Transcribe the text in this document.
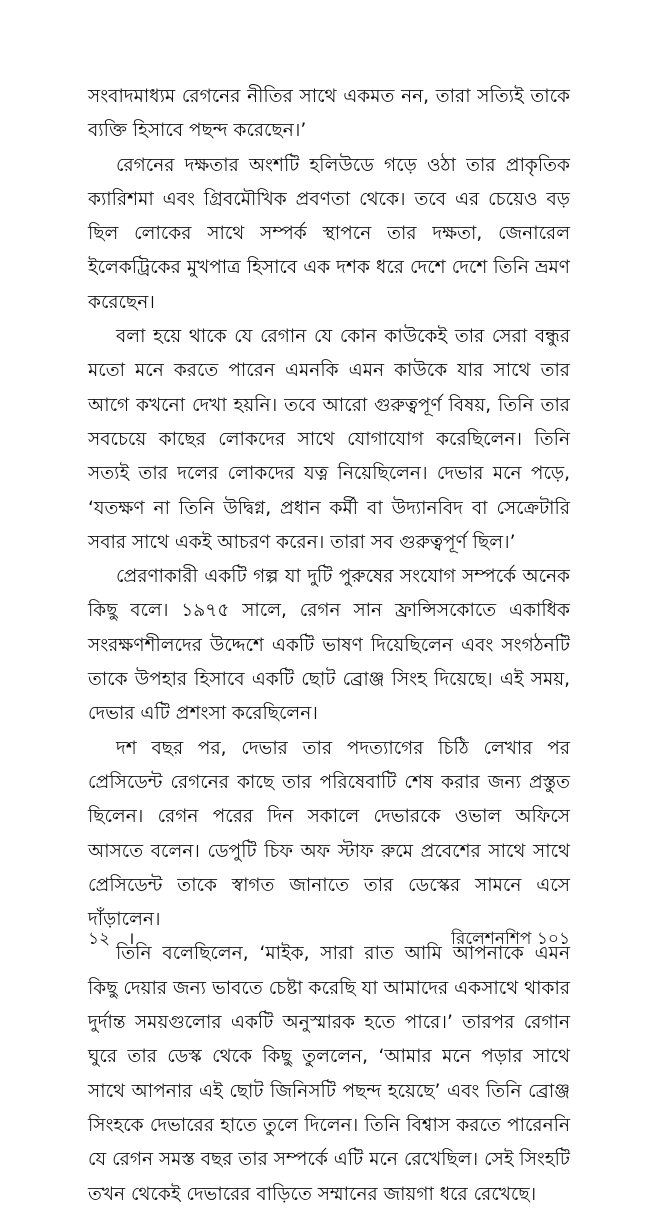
সংবাদমাধ্যম রেগনের নীতির সাথে একমত নন, তারা সত্যিই তাকে ব্যক্তি হিসাবে পছন্দ করেছেন।’

রেগনের দক্ষতার অংশটি হলিউডে গড়ে ওঠা তার প্রাকৃতিক ক্যারিশমা এবং গ্রিবমৌখিক প্রবণতা থেকে। তবে এর চেয়েও বড় ছিল লোকের সাথে সম্পর্ক স্থাপনে তার দক্ষতা, জেনারেল ইলেকট্রিকের মুখপাত্র হিসাবে এক দশক ধরে দেশে দেশে তিনি ভ্রমণ করেছেন।

বলা হয়ে থাকে যে রেগান যে কোন কাউকেই তার সেরা বন্ধুর মতো মনে করতে পারেন এমনকি এমন কাউকে যার সাথে তার আগে কখনো দেখা হয়নি। তবে আরো গুরুত্বপূর্ণ বিষয়, তিনি তার সবচেয়ে কাছের লোকদের সাথে যোগাযোগ করেছিলেন। তিনি সত্যই তার দলের লোকদের যত্ন নিয়েছিলেন। দেভার মনে পড়ে, ‘যতক্ষণ না তিনি উদ্বিগ্ন, প্রধান কর্মী বা উদ্যানবিদ বা সেক্রেটারি সবার সাথে একই আচরণ করেন। তারা সব গুরুত্বপূর্ণ ছিল।’

প্রেরণাকারী একটি গল্প যা দুটি পুরুষের সংযোগ সম্পর্কে অনেক কিছু বলে। ১৯৭৫ সালে, রেগন সান ফ্রান্সিসকোতে একাধিক সংরক্ষণশীলদের উদ্দেশে একটি ভাষণ দিয়েছিলেন এবং সংগঠনটি তাকে উপহার হিসাবে একটি ছোট ব্রোঞ্জ সিংহ দিয়েছে। এই সময়, দেভার এটি প্রশংসা করেছিলেন।

দশ বছর পর, দেভার তার পদত্যাগের চিঠি লেখার পর প্রেসিডেন্ট রেগনের কাছে তার পরিষেবাটি শেষ করার জন্য প্রস্তুত ছিলেন। রেগন পরের দিন সকালে দেভারকে ওভাল অফিসে আসতে বলেন। ডেপুটি চিফ অফ স্টাফ রুমে প্রবেশের সাথে সাথে প্রেসিডেন্ট তাকে স্বাগত জানাতে তার ডেস্কের সামনে এসে দাঁড়ালেন।

তিনি বলেছিলেন, ‘মাইক, সারা রাত আমি আপনাকে এমন কিছু দেয়ার জন্য ভাবতে চেষ্টা করেছি যা আমাদের একসাথে থাকার দুর্দান্ত সময়গুলোর একটি অনুস্মারক হতে পারে।’ তারপর রেগান ঘুরে তার ডেস্ক থেকে কিছু তুললেন, ‘আমার মনে পড়ার সাথে সাথে আপনার এই ছোট জিনিসটি পছন্দ হয়েছে’ এবং তিনি ব্রোঞ্জ সিংহকে দেভারের হাতে তুলে দিলেন। তিনি বিশ্বাস করতে পারেননি যে রেগন সমস্ত বছর তার সম্পর্কে এটি মনে রেখেছিল। সেই সিংহটি তখন থেকেই দেভারের বাড়িতে সম্মানের জায়গা ধরে রেখেছে।

১২ ।	রিলেশনশিপ ১০১
